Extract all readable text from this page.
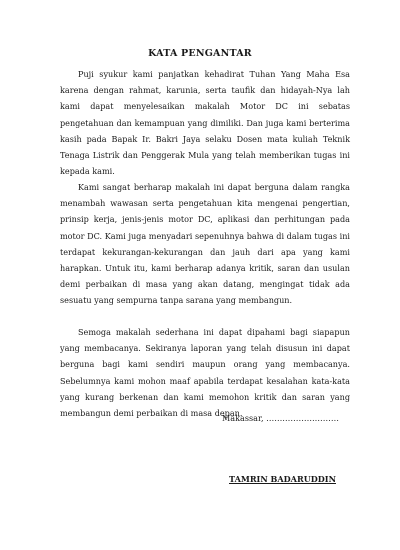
KATA PENGANTAR

Puji syukur kami panjatkan kehadirat Tuhan Yang Maha Esa karena dengan rahmat, karunia, serta taufik dan hidayah-Nya lah kami dapat menyelesaikan makalah Motor DC ini sebatas pengetahuan dan kemampuan yang dimiliki. Dan juga kami berterima kasih pada Bapak Ir. Bakri Jaya selaku Dosen mata kuliah Teknik Tenaga Listrik dan Penggerak Mula yang telah memberikan tugas ini kepada kami.

Kami sangat berharap makalah ini dapat berguna dalam rangka menambah wawasan serta pengetahuan kita mengenai pengertian, prinsip kerja, jenis-jenis motor DC, aplikasi dan perhitungan pada motor DC. Kami juga menyadari sepenuhnya bahwa di dalam tugas ini terdapat kekurangan-kekurangan dan jauh dari apa yang kami harapkan. Untuk itu, kami berharap adanya kritik, saran dan usulan demi perbaikan di masa yang akan datang, mengingat tidak ada sesuatu yang sempurna tanpa sarana yang membangun.

Semoga makalah sederhana ini dapat dipahami bagi siapapun yang membacanya. Sekiranya laporan yang telah disusun ini dapat berguna bagi kami sendiri maupun orang yang membacanya. Sebelumnya kami mohon maaf apabila terdapat kesalahan kata-kata yang kurang berkenan dan kami memohon kritik dan saran yang membangun demi perbaikan di masa depan.

Makassar, ………………………
TAMRIN BADARUDDIN
